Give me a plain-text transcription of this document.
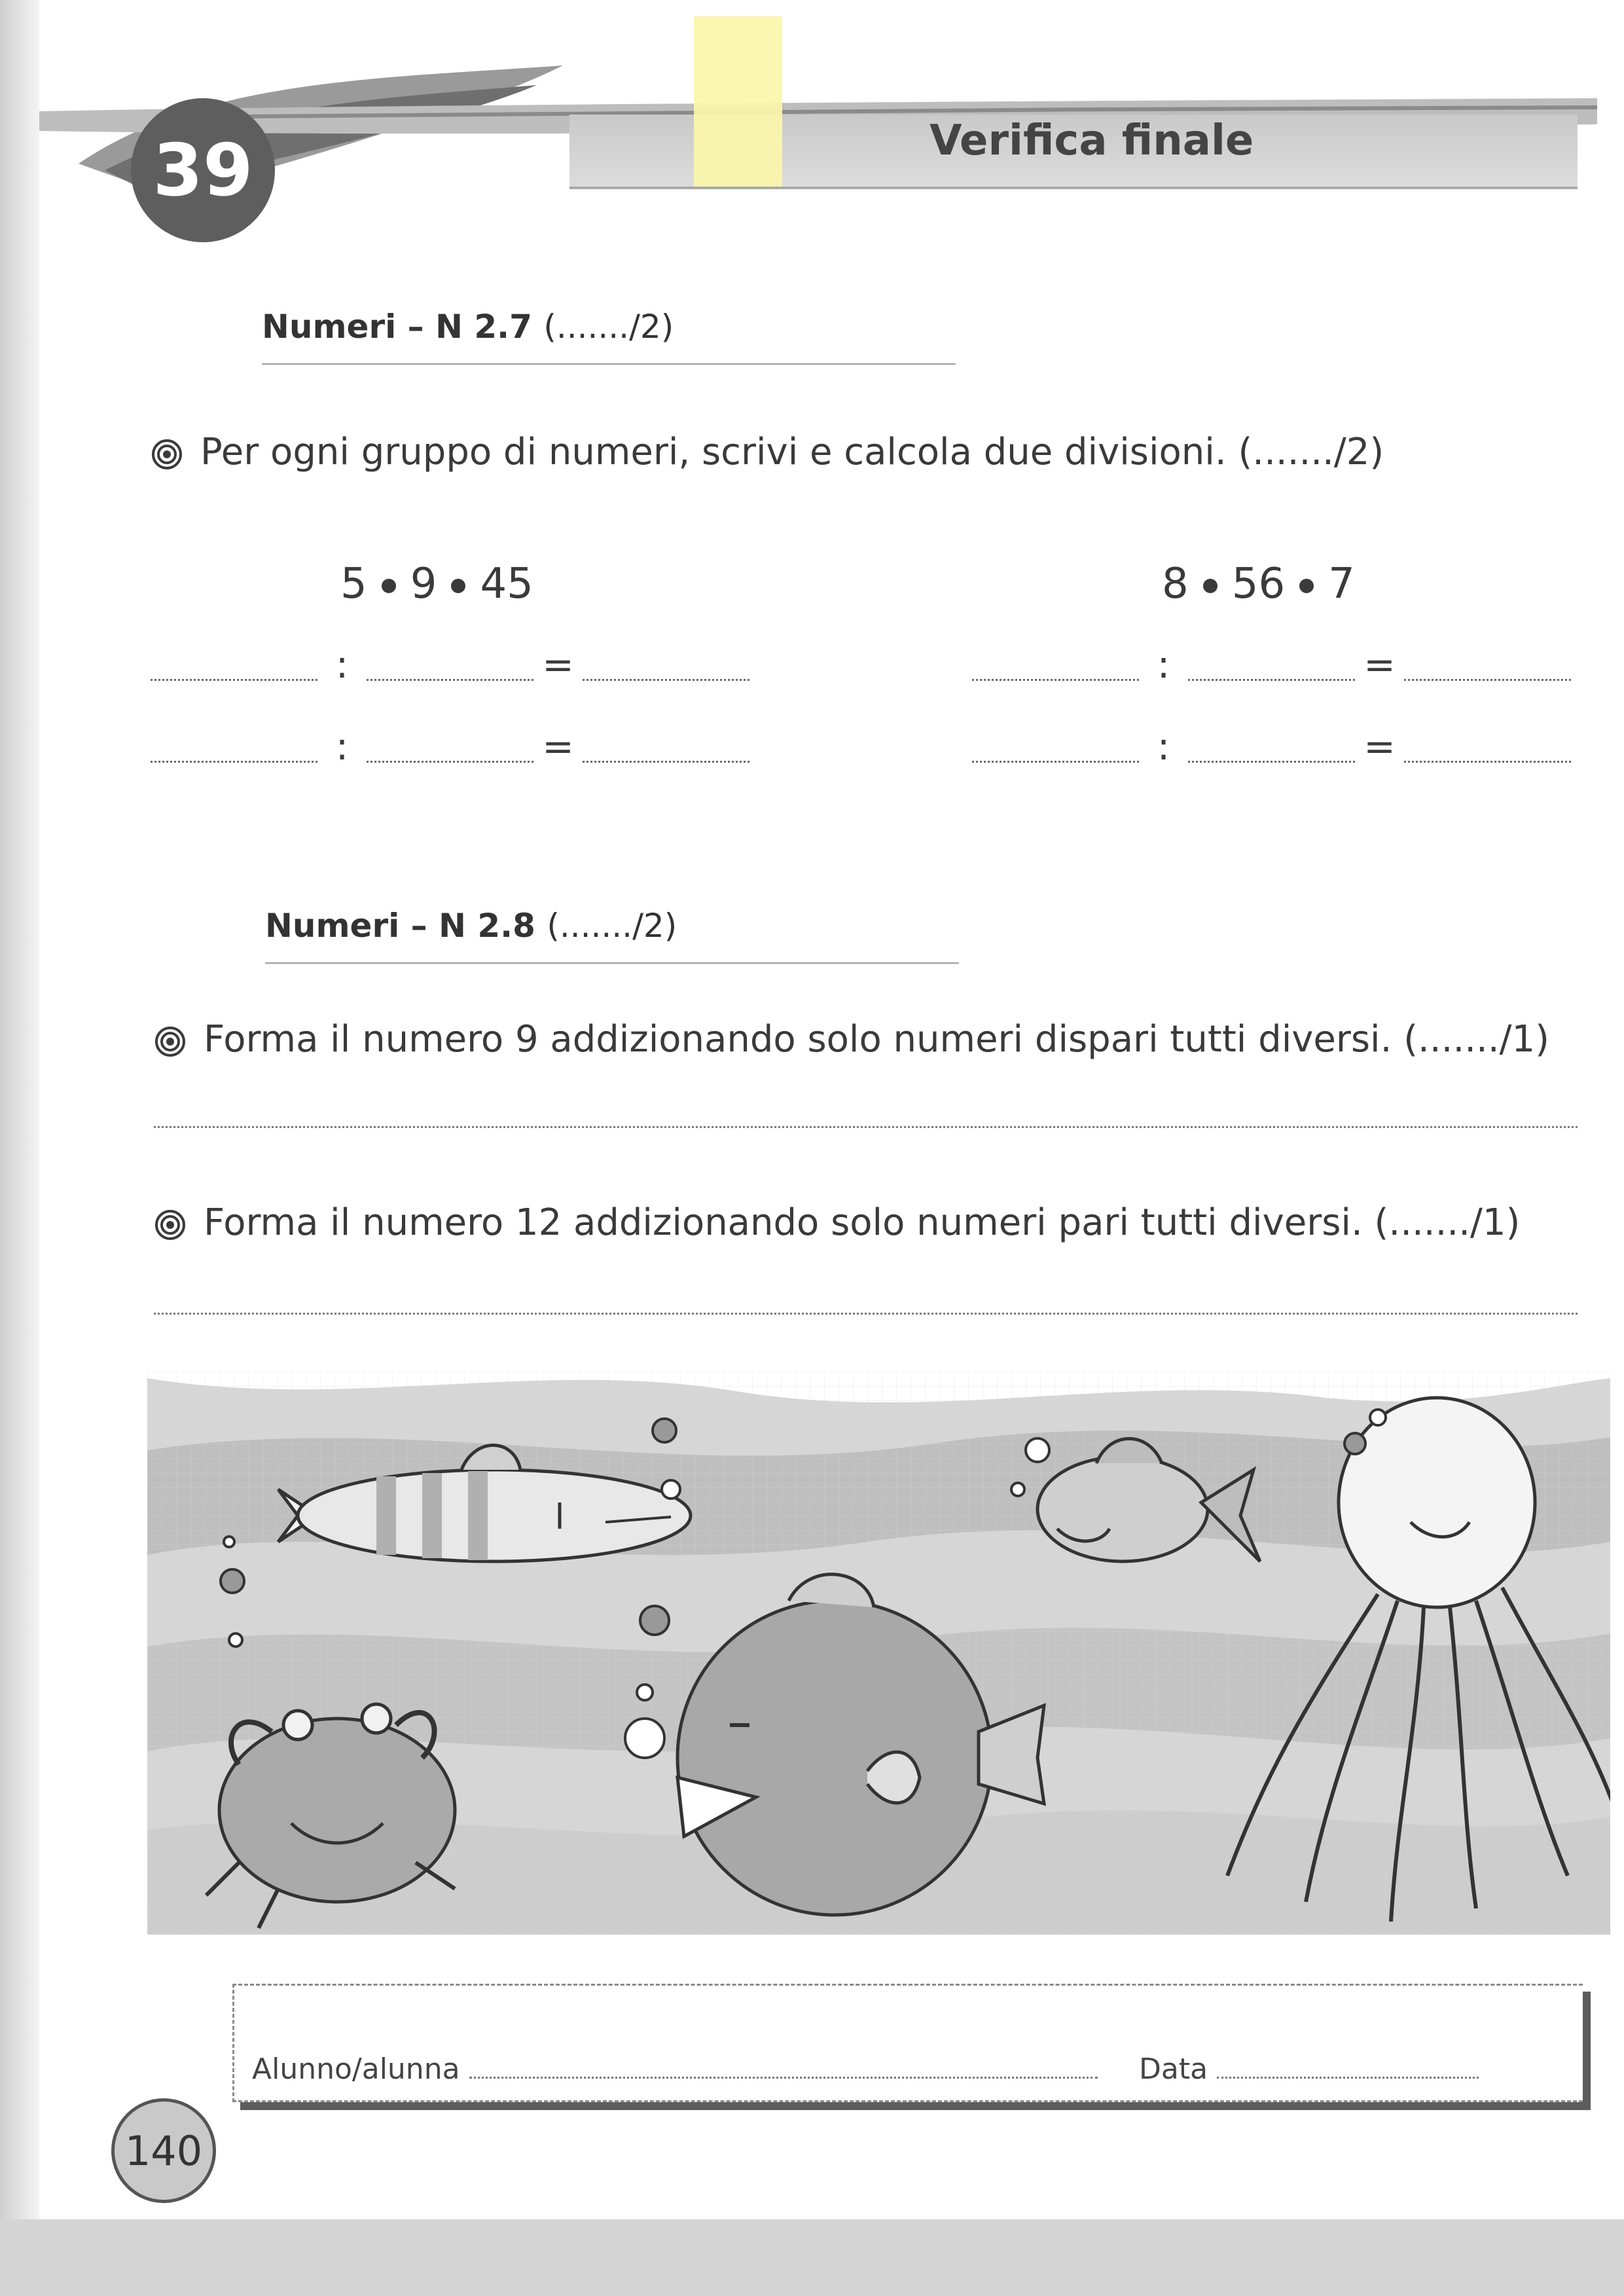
39	Verifica finale
Numeri – N 2.7 (......./2)
Per ogni gruppo di numeri, scrivi e calcola due divisioni. (......./2)
5 9 45	8 56 7
:	=
:	=
:	=
:	=
Numeri – N 2.8 (......./2)
Forma il numero 9 addizionando solo numeri dispari tutti diversi. (......./1)
Forma il numero 12 addizionando solo numeri pari tutti diversi. (......./1)
Alunno/alunna	Data
140
